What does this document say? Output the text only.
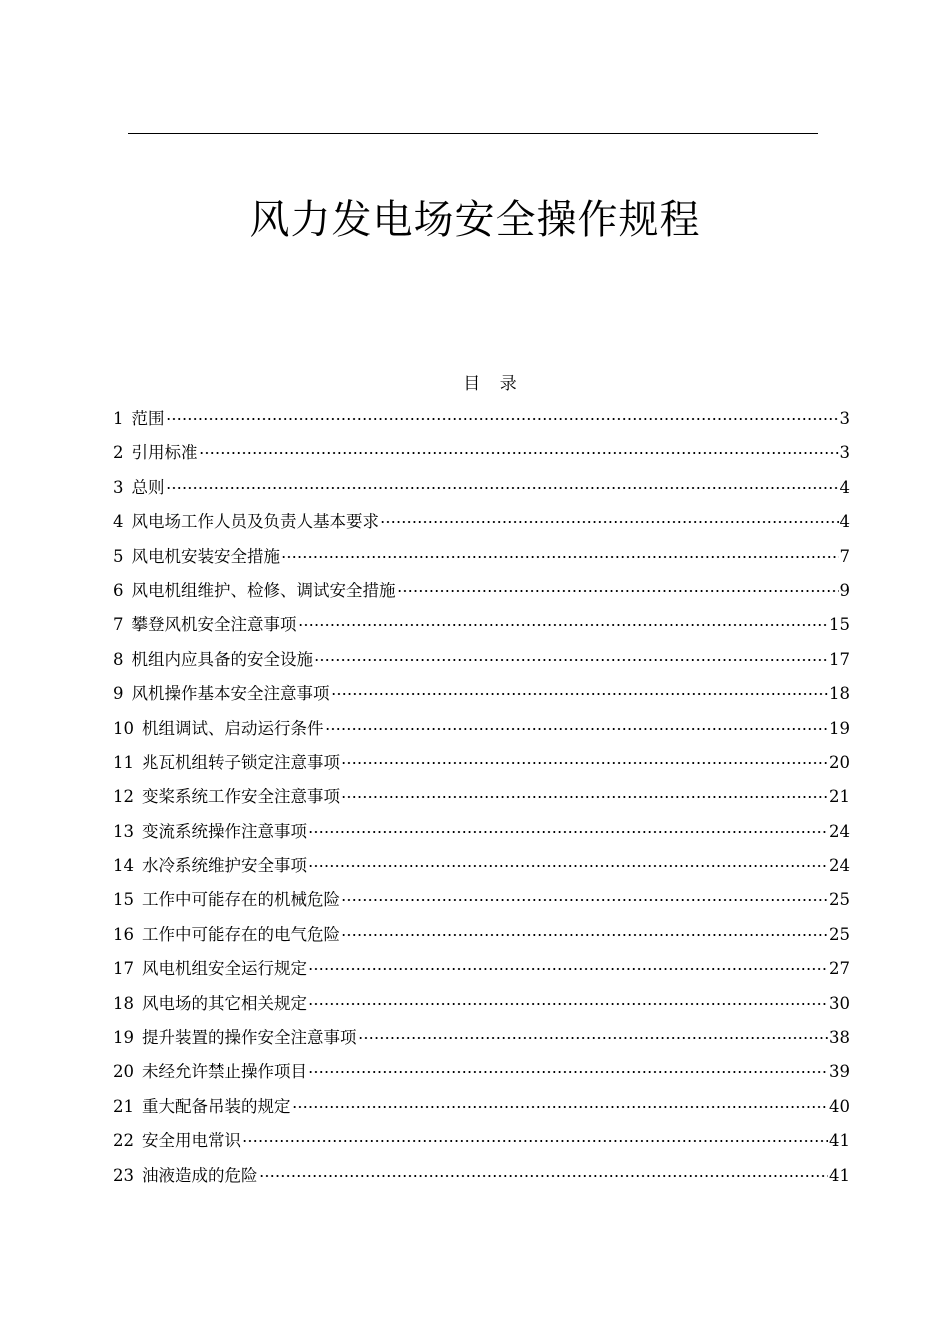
风力发电场安全操作规程
目 录
1 范围	3
2 引用标准	3
3 总则	4
4 风电场工作人员及负责人基本要求	4
5 风电机安装安全措施	7
6 风电机组维护、检修、调试安全措施	9
7 攀登风机安全注意事项	15
8 机组内应具备的安全设施	17
9 风机操作基本安全注意事项	18
10 机组调试、启动运行条件	19
11 兆瓦机组转子锁定注意事项	20
12 变桨系统工作安全注意事项	21
13 变流系统操作注意事项	24
14 水冷系统维护安全事项	24
15 工作中可能存在的机械危险	25
16 工作中可能存在的电气危险	25
17 风电机组安全运行规定	27
18 风电场的其它相关规定	30
19 提升装置的操作安全注意事项	38
20 未经允许禁止操作项目	39
21 重大配备吊装的规定	40
22 安全用电常识	41
23 油液造成的危险	41
